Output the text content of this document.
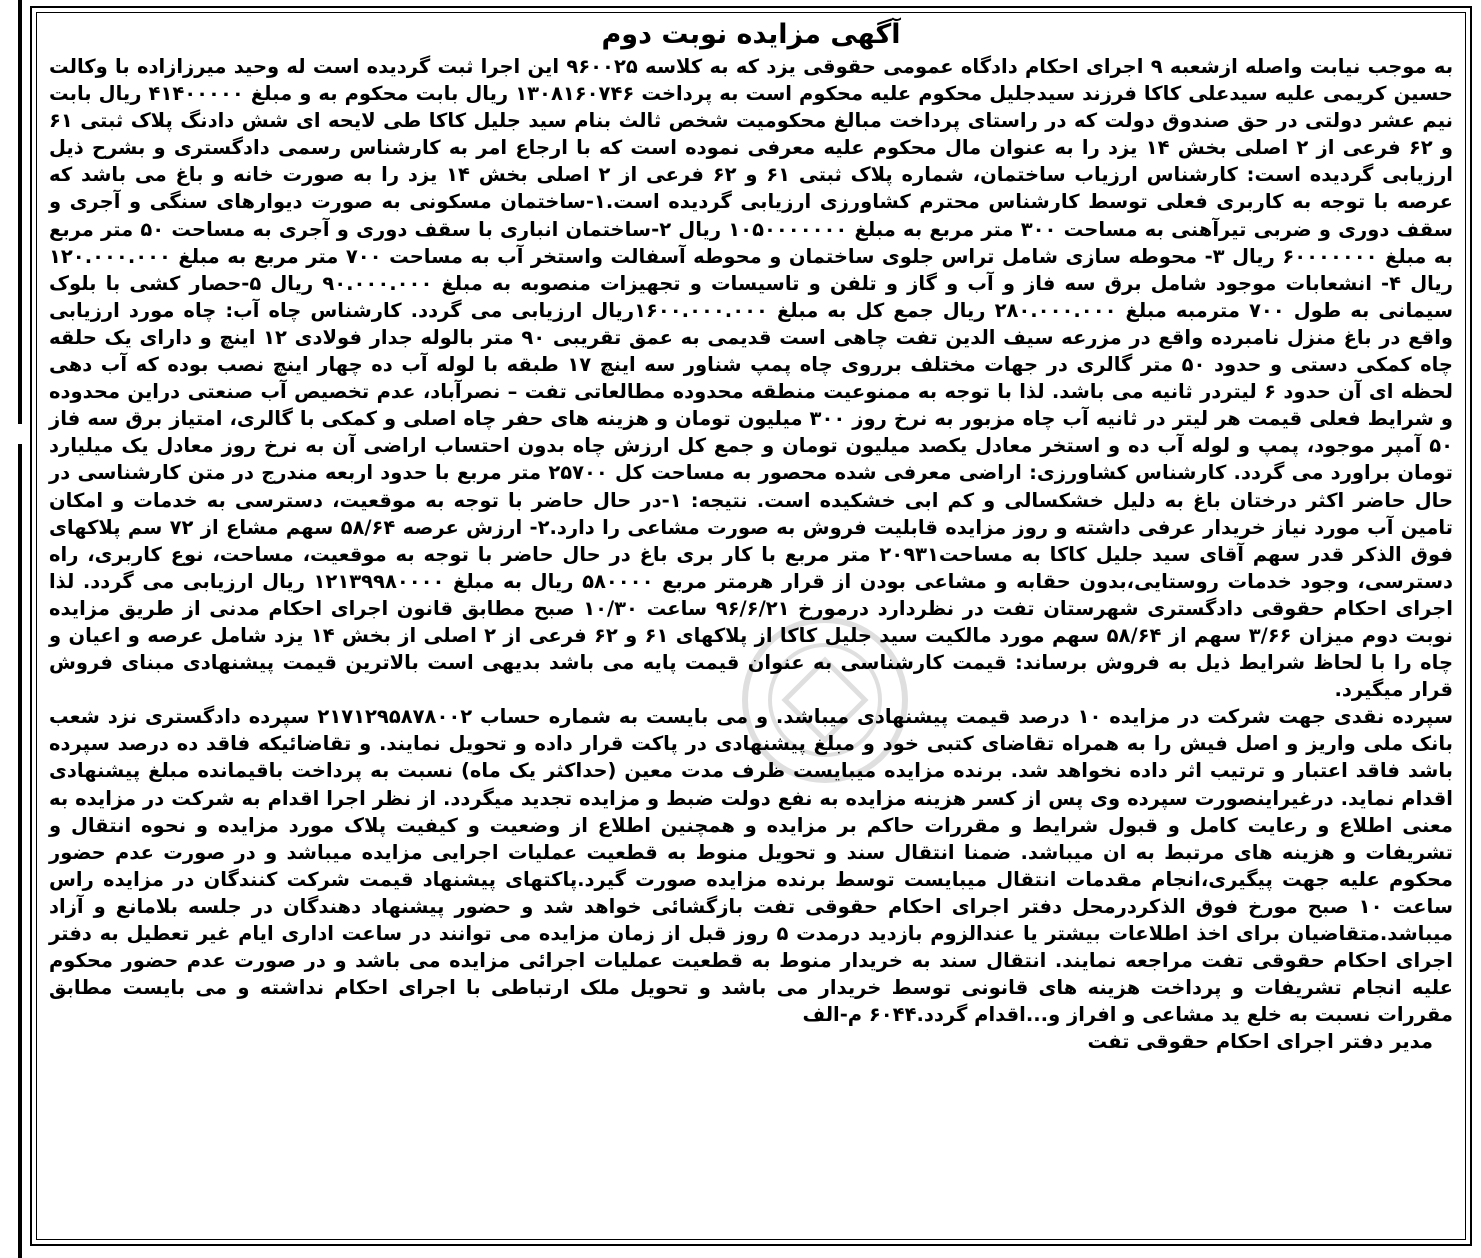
آگهی مزایده نوبت دوم

به موجب نیابت واصله ازشعبه ۹ اجرای احکام دادگاه عمومی حقوقی یزد که به کلاسه ۹۶۰۰۲۵ این اجرا ثبت گردیده است له وحید میرزازاده با وکالت حسین کریمی علیه سیدعلی کاکا فرزند سیدجلیل محکوم علیه محکوم است به پرداخت ۱۳۰۸۱۶۰۷۴۶ ریال بابت محکوم به و مبلغ ۴۱۴۰۰۰۰۰ ریال بابت نیم عشر دولتی در حق صندوق دولت که در راستای پرداخت مبالغ محکومیت شخص ثالث بنام سید جلیل کاکا طی لایحه ای شش دادنگ پلاک ثبتی ۶۱ و ۶۲ فرعی از ۲ اصلی بخش ۱۴ یزد را به عنوان مال محکوم علیه معرفی نموده است که با ارجاع امر به کارشناس رسمی دادگستری و بشرح ذیل ارزیابی گردیده است: کارشناس ارزیاب ساختمان، شماره پلاک ثبتی ۶۱ و ۶۲ فرعی از ۲ اصلی بخش ۱۴ یزد را به صورت خانه و باغ می باشد که عرصه با توجه به کاربری فعلی توسط کارشناس محترم کشاورزی ارزیابی گردیده است.۱-ساختمان مسکونی به صورت دیوارهای سنگی و آجری و سقف دوری و ضربی تیرآهنی به مساحت ۳۰۰ متر مربع به مبلغ ۱۰۵۰۰۰۰۰۰۰ ریال ۲-ساختمان انباری با سقف دوری و آجری به مساحت ۵۰ متر مربع به مبلغ ۶۰۰۰۰۰۰۰ ریال ۳- محوطه سازی شامل تراس جلوی ساختمان و محوطه آسفالت واستخر آب به مساحت ۷۰۰ متر مربع به مبلغ ۱۲۰.۰۰۰.۰۰۰ ریال ۴- انشعابات موجود شامل برق سه فاز و آب و گاز و تلفن و تاسیسات و تجهیزات منصوبه به مبلغ ۹۰.۰۰۰.۰۰۰ ریال ۵-حصار کشی با بلوک سیمانی به طول ۷۰۰ مترمبه مبلغ ۲۸۰.۰۰۰.۰۰۰ ریال جمع کل به مبلغ ۱۶۰۰.۰۰۰.۰۰۰ریال ارزیابی می گردد. کارشناس چاه آب: چاه مورد ارزیابی واقع در باغ منزل نامبرده واقع در مزرعه سیف الدین تفت چاهی است قدیمی به عمق تقریبی ۹۰ متر بالوله جدار فولادی ۱۲ اینچ و دارای یک حلقه چاه کمکی دستی و حدود ۵۰ متر گالری در جهات مختلف برروی چاه پمپ شناور سه اینچ ۱۷ طبقه با لوله آب ده چهار اینچ نصب بوده که آب دهی لحظه ای آن حدود ۶ لیتردر ثانیه می باشد. لذا با توجه به ممنوعیت منطقه محدوده مطالعاتی تفت – نصرآباد، عدم تخصیص آب صنعتی دراین محدوده و شرایط فعلی قیمت هر لیتر در ثانیه آب چاه مزبور به نرخ روز ۳۰۰ میلیون تومان و هزینه های حفر چاه اصلی و کمکی با گالری، امتیاز برق سه فاز ۵۰ آمپر موجود، پمپ و لوله آب ده و استخر معادل یکصد میلیون تومان و جمع کل ارزش چاه بدون احتساب اراضی آن به نرخ روز معادل یک میلیارد تومان براورد می گردد. کارشناس کشاورزی: اراضی معرفی شده محصور به مساحت کل ۲۵۷۰۰ متر مربع با حدود اربعه مندرج در متن کارشناسی در حال حاضر اکثر درختان باغ به دلیل خشکسالی و کم ابی خشکیده است. نتیجه: ۱-در حال حاضر با توجه به موقعیت، دسترسی به خدمات و امکان تامین آب مورد نیاز خریدار عرفی داشته و روز مزایده قابلیت فروش به صورت مشاعی را دارد.۲- ارزش عرصه ۵۸/۶۴ سهم مشاع از ۷۲ سم پلاکهای فوق الذکر قدر سهم آقای سید جلیل کاکا به مساحت۲۰۹۳۱ متر مربع با کار بری باغ در حال حاضر با توجه به موقعیت، مساحت، نوع کاربری، راه دسترسی، وجود خدمات روستایی،بدون حقابه و مشاعی بودن از قرار هرمتر مربع ۵۸۰۰۰۰ ریال به مبلغ ۱۲۱۳۹۹۸۰۰۰۰ ریال ارزیابی می گردد. لذا اجرای احکام حقوقی دادگستری شهرستان تفت در نظردارد درمورخ ۹۶/۶/۲۱ ساعت ۱۰/۳۰ صبح مطابق قانون اجرای احکام مدنی از طریق مزایده نوبت دوم میزان ۳/۶۶ سهم از ۵۸/۶۴ سهم مورد مالکیت سید جلیل کاکا از پلاکهای ۶۱ و ۶۲ فرعی از ۲ اصلی از بخش ۱۴ یزد شامل عرصه و اعیان و چاه را با لحاظ شرایط ذیل به فروش برساند: قیمت کارشناسی به عنوان قیمت پایه می باشد بدیهی است بالاترین قیمت پیشنهادی مبنای فروش قرار میگیرد.

سپرده نقدی جهت شرکت در مزایده ۱۰ درصد قیمت پیشنهادی میباشد. و می بایست به شماره حساب ۲۱۷۱۲۹۵۸۷۸۰۰۲ سپرده دادگستری نزد شعب بانک ملی واریز و اصل فیش را به همراه تقاضای کتبی خود و مبلغ پیشنهادی در پاکت قرار داده و تحویل نمایند. و تقاضائیکه فاقد ده درصد سپرده باشد فاقد اعتبار و ترتیب اثر داده نخواهد شد. برنده مزایده میبایست ظرف مدت معین (حداکثر یک ماه) نسبت به پرداخت باقیمانده مبلغ پیشنهادی اقدام نماید. درغیراینصورت سپرده وی پس از کسر هزینه مزایده به نفع دولت ضبط و مزایده تجدید میگردد. از نظر اجرا اقدام به شرکت در مزایده به معنی اطلاع و رعایت کامل و قبول شرایط و مقررات حاکم بر مزایده و همچنین اطلاع از وضعیت و کیفیت پلاک مورد مزایده و نحوه انتقال و تشریفات و هزینه های مرتبط به ان میباشد. ضمنا انتقال سند و تحویل منوط به قطعیت عملیات اجرایی مزایده میباشد و در صورت عدم حضور محکوم علیه جهت پیگیری،انجام مقدمات انتقال میبایست توسط برنده مزایده صورت گیرد.پاکتهای پیشنهاد قیمت شرکت کنندگان در مزایده راس ساعت ۱۰ صبح مورخ فوق الذکردرمحل دفتر اجرای احکام حقوقی تفت بازگشائی خواهد شد و حضور پیشنهاد دهندگان در جلسه بلامانع و آزاد میباشد.متقاضیان برای اخذ اطلاعات بیشتر یا عندالزوم بازدید درمدت ۵ روز قبل از زمان مزایده می توانند در ساعت اداری ایام غیر تعطیل به دفتر اجرای احکام حقوقی تفت مراجعه نمایند. انتقال سند به خریدار منوط به قطعیت عملیات اجرائی مزایده می باشد و در صورت عدم حضور محکوم علیه انجام تشریفات و پرداخت هزینه های قانونی توسط خریدار می باشد و تحویل ملک ارتباطی با اجرای احکام نداشته و می بایست مطابق مقررات نسبت به خلع ید مشاعی و افراز و...اقدام گردد.۶۰۴۴ م-الف

مدیر دفتر اجرای احکام حقوقی تفت
